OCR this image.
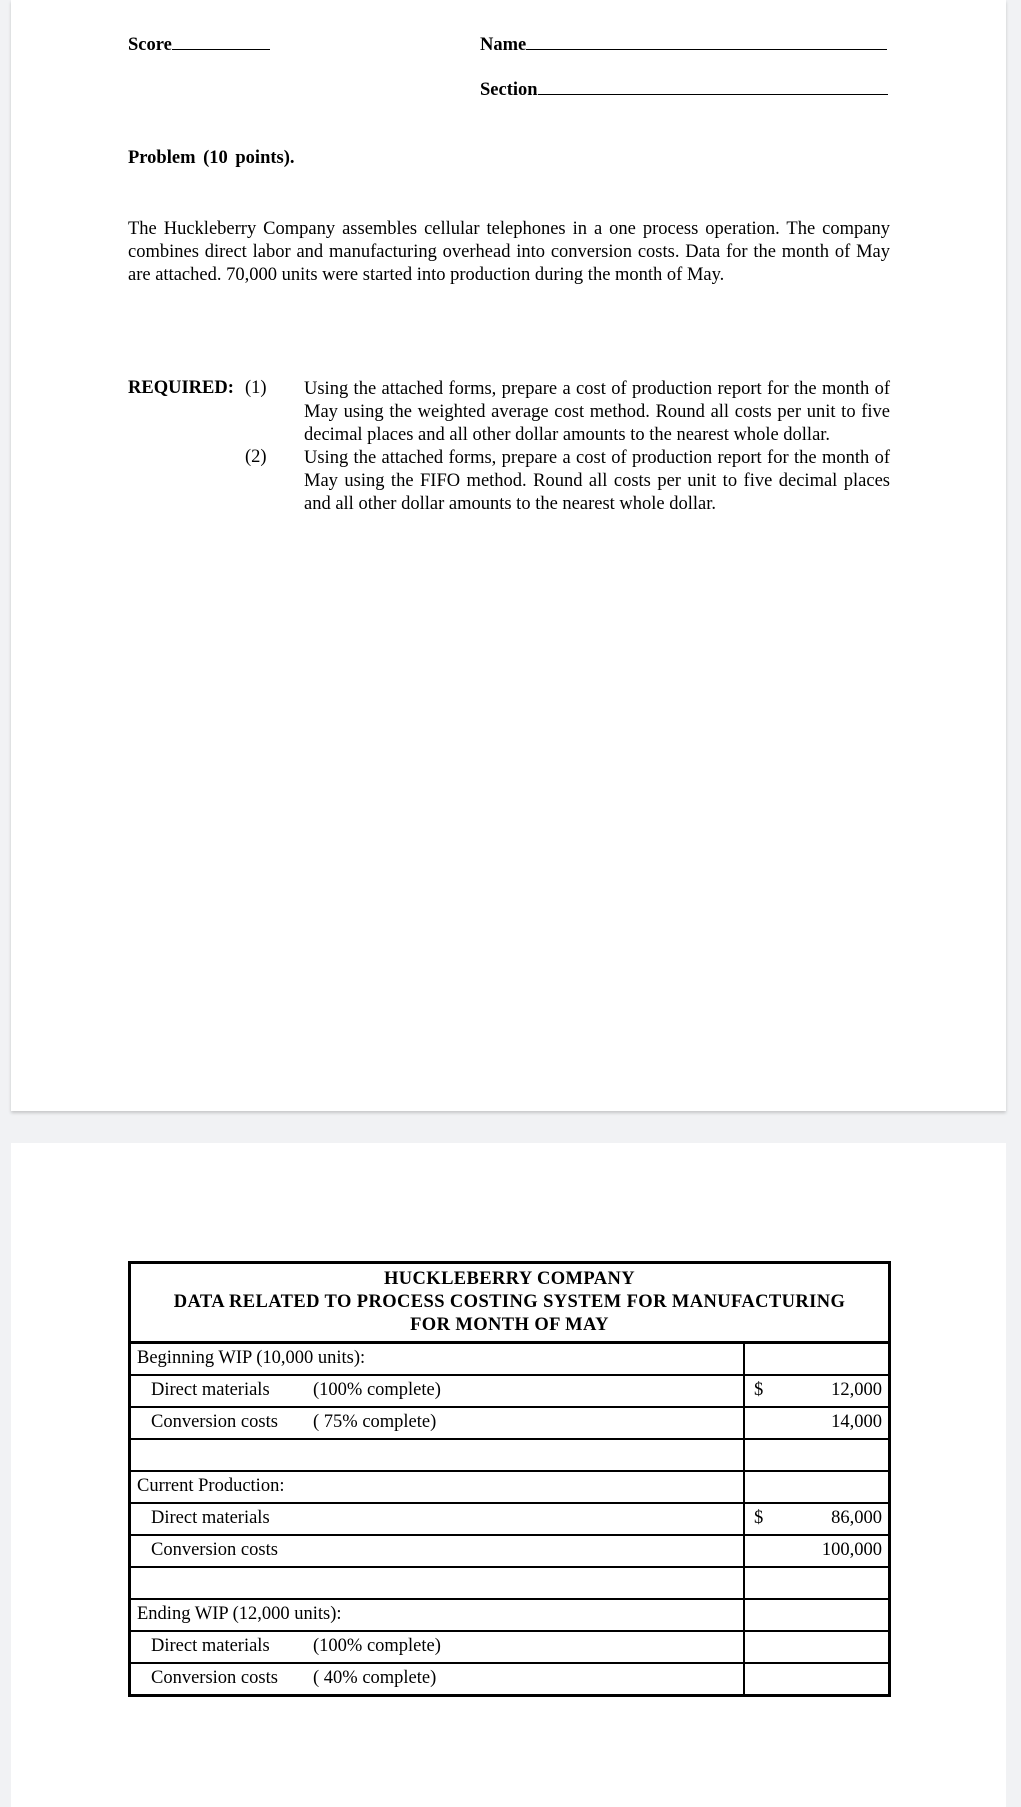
Score	Name
Section
Problem (10 points).
The Huckleberry Company assembles cellular telephones in a one process operation. The company combines direct labor and manufacturing overhead into conversion costs. Data for the month of May are attached. 70,000 units were started into production during the month of May.
REQUIRED: (1) Using the attached forms, prepare a cost of production report for the month of May using the weighted average cost method. Round all costs per unit to five decimal places and all other dollar amounts to the nearest whole dollar.
(2) Using the attached forms, prepare a cost of production report for the month of May using the FIFO method. Round all costs per unit to five decimal places and all other dollar amounts to the nearest whole dollar.
HUCKLEBERRY COMPANY
DATA RELATED TO PROCESS COSTING SYSTEM FOR MANUFACTURING
FOR MONTH OF MAY
Beginning WIP (10,000 units):
Direct materials (100% complete)	$	12,000
Conversion costs ( 75% complete)	14,000
Current Production:
Direct materials	$	86,000
Conversion costs	100,000
Ending WIP (12,000 units):
Direct materials (100% complete)
Conversion costs ( 40% complete)
